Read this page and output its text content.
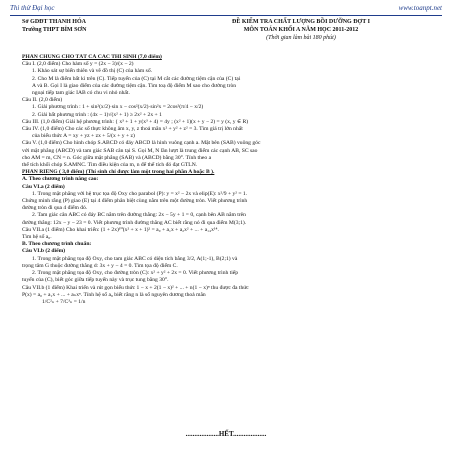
Thi thử Đại học	www.toanpt.net
Sở GDĐT THANH HÓA
Trường THPT BỈM SƠN
ĐỀ KIỂM TRA CHẤT LƯỢNG BỒI DƯỠNG ĐỢT I
MÔN TOÁN KHỐI A NĂM HỌC 2011-2012
(Thời gian làm bài 180 phút)

PHẦN CHUNG CHO TẤT CẢ CÁC THÍ SINH (7,0 điểm)

Câu I. (2,0 điểm) Cho hàm số y = (2x − 3)/(x − 2)

1. Khảo sát sự biến thiên và vẽ đồ thị (C) của hàm số.

2. Cho M là điểm bất kì trên (C). Tiếp tuyến của (C) tại M cắt các đường tiệm cận của (C) tại

A và B. Gọi I là giao điểm của các đường tiệm cận. Tìm toạ độ điểm M sao cho đường tròn

ngoại tiếp tam giác IAB có chu vi nhỏ nhất.

Câu II. (2,0 điểm)

1. Giải phương trình : 1 + sin²(x/2)·sin x − cos²(x/2)·sin²x = 2cos²(π/4 − x/2)

2. Giải bất phương trình : (4x − 1)√(x² + 1) ≥ 2x² + 2x + 1

Câu III. (1,0 điểm) Giải hệ phương trình: { x³ + 1 + y(x³ + 4) = 4y ; (x² + 1)(x + y − 2) = y (x, y ∈ R)

Câu IV. (1,0 điểm) Cho các số thực không âm x, y, z thoả mãn x² + y² + z² = 3. Tìm giá trị lớn nhất

của biểu thức A = xy + yz + zx + 5/(x + y + z)

Câu V. (1,0 điểm) Cho hình chóp S.ABCD có đáy ABCD là hình vuông cạnh a. Mặt bên (SAB) vuông góc

với mặt phẳng (ABCD) và tam giác SAB cân tại S. Gọi M, N lần lượt là trung điểm các cạnh AB, SC sao

cho AM = m, CN = n. Góc giữa mặt phẳng (SAB) và (ABCD) bằng 30°. Tính theo a

thể tích khối chóp S.AMNC. Tìm điều kiện của m, n để thể tích đó đạt GTLN.

PHẦN RIÊNG ( 3,0 điểm) (Thí sinh chỉ được làm một trong hai phần A hoặc B ).

A. Theo chương trình nâng cao:

Câu VI.a (2 điểm)

1. Trong mặt phẳng với hệ trục tọa độ Oxy cho parabol (P): y = x² − 2x và elip(E): x²/9 + y² = 1.

Chứng minh rằng (P) giao (E) tại 4 điểm phân biệt cùng nằm trên một đường tròn. Viết phương trình

đường tròn đi qua 4 điểm đó.

2. Tam giác cân ABC có đáy BC nằm trên đường thẳng: 2x − 5y + 1 = 0, cạnh bên AB nằm trên

đường thẳng: 12x − y − 23 = 0. Viết phương trình đường thẳng AC biết rằng nó đi qua điểm M(3;1).

Câu VII.a (1 điểm) Cho khai triển: (1 + 2x)¹⁰(x² + x + 1)² = a₀ + a₁x + a₂x² + ... + a₁₄x¹⁴.

Tìm hệ số a₆.

B. Theo chương trình chuẩn:

Câu VI.b (2 điểm)

1. Trong mặt phẳng tọa độ Oxy, cho tam giác ABC có diện tích bằng 3/2, A(1;-1), B(2;1) và

trọng tâm G thuộc đường thẳng d: 3x + y − 4 = 0. Tìm tọa độ điểm C.

2. Trong mặt phẳng tọa độ Oxy, cho đường tròn (C): x² + y² + 2x = 0. Viết phương trình tiếp

tuyến của (C), biết góc giữa tiếp tuyến này và trục tung bằng 30°.

Câu VII.b (1 điểm) Khai triển và rút gọn biểu thức 1 − x + 2(1 − x)² + ... + n(1 − x)ⁿ thu được đa thức

P(x) = a₀ + a₁x + ... + aₙxⁿ. Tính hệ số a₈ biết rằng n là số nguyên dương thoả mãn

1/C²ₙ + 7/C³ₙ = 1/n

...................HẾT...................
